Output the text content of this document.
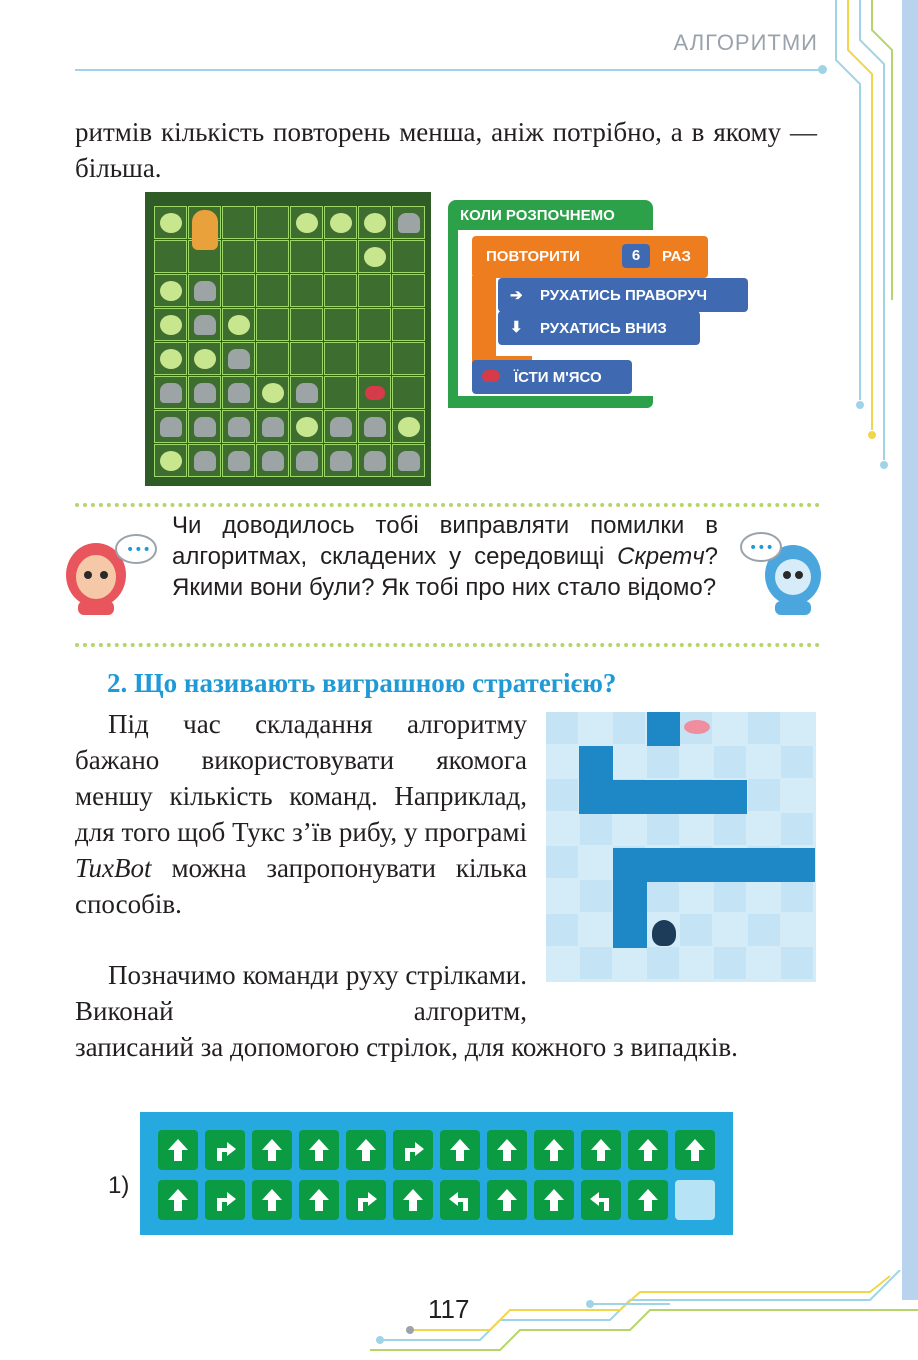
АЛГОРИТМИ
ритмів кількість повторень менша, аніж потрібно, а в якому — більша.
КОЛИ РОЗПОЧНЕМО
ПОВТОРИТИ	6	РАЗ
➔ РУХАТИСЬ ПРАВОРУЧ
⬇ РУХАТИСЬ ВНИЗ
ЇСТИ М'ЯСО
•••
Чи доводилось тобі виправляти помилки в алгоритмах, складених у середовищі Скретч? Якими вони були? Як тобі про них стало відомо?
•••
2. Що називають виграшною стратегією?
Під час складання алгоритму бажано використовувати якомога меншу кількість команд. Наприклад, для того щоб Тукс з’їв рибу, у програмі TuxBot можна запропонувати кілька способів.
Позначимо команди руху стрілками. Виконай алгоритм,
записаний за допомогою стрілок, для кожного з випадків.
1)
117
